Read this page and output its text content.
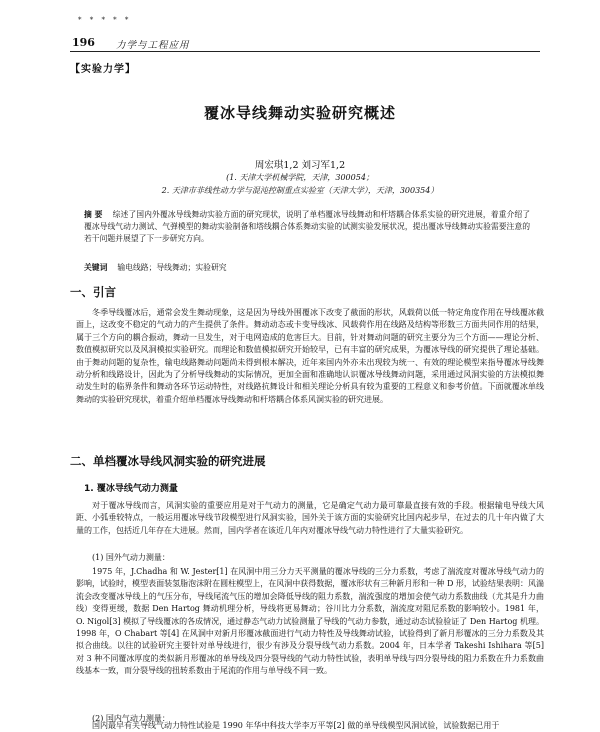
* * * * *
196 力学与工程应用
【实验力学】
覆冰导线舞动实验研究概述
周宏琪1,2 刘习军1,2
(1. 天津大学机械学院，天津，300054；
2. 天津市非线性动力学与混沌控制重点实验室（天津大学），天津，300354）
摘 要 综述了国内外覆冰导线舞动实验方面的研究现状，说明了单档覆冰导线舞动和杆塔耦合体系实验的研究进展，着重介绍了覆冰导线气动力测试、气弹模型的舞动实验制备和塔线耦合体系舞动实验的试测实验发展状况，提出覆冰导线舞动实验需要注意的若干问题并展望了下一步研究方向。
关键词 输电线路；导线舞动；实验研究
一、引言
冬季导线覆冰后，通常会发生舞动现象，这是因为导线外围覆冰下改变了截面的形状，风载荷以低一特定角度作用在导线覆冰截面上，这改变不稳定的气动力的产生提供了条件。舞动动态或卡变导线冰、风载荷作用在线路及结构等形数三方面共同作用的结果，属于三个方向的耦合振动，舞动一旦发生，对于电网造成的危害巨大。目前，针对舞动问题的研究主要分为三个方面——理论分析、数值模拟研究以及风洞模拟实验研究。而理论和数值模拟研究开始较早，已有丰富的研究成果，为覆冰导线的研究提供了理论基础。由于舞动问题的复杂性，输电线路舞动问题尚未得到根本解决，近年来国内外亦未出现较为统一、有效的理论模型来指导覆冰导线舞动分析和线路设计，因此为了分析导线舞动的实际情况，更加全面和准确地认识覆冰导线舞动问题，采用通过风洞实验的方法模拟舞动发生时的临界条件和舞动各环节运动特性，对线路抗舞设计和相关理论分析具有较为重要的工程意义和参考价值。下面就覆冰单线舞动的实验研究现状，着重介绍单档覆冰导线舞动和杆塔耦合体系风洞实验的研究进展。
二、单档覆冰导线风洞实验的研究进展
1. 覆冰导线气动力测量
对于覆冰导线而言，风洞实验的重要应用是对于气动力的测量，它是确定气动力最可靠最直接有效的手段。根据输电导线大风距、小弧垂较特点，一般运用覆冰导线节段模型进行风洞实验，国外关于该方面的实验研究比国内起步早，在过去的几十年内做了大量的工作，包括近几年存在大进展。然而，国内学者在该近几年内对覆冰导线气动力特性进行了大量实验研究。
(1) 国外气动力测量：
1975 年，J.Chadha 和 W. Jester[1] 在风洞中用三分力天平测量的覆冰导线的三分力系数，考虑了湍流度对覆冰导线气动力的影响，试验时，模型表面装氢脂泡沫附在圆柱模型上，在风洞中获得数据，覆冰形状有三种新月形和一种 D 形，试验结果表明：风湍流会改变覆冰导线上的气压分布，导线尾流气压的增加会降低导线的阻力系数，湍流强度的增加会使气动力系数曲线（尤其是升力曲线）变得更缓，数据 Den Hartog 舞动机理分析，导线将更易舞动；谷川比力分系数，湍流度对阻尼系数的影响较小。1981 年，O. Nigol[3] 模拟了导线覆冰的各成情况，通过静态气动力试验测量了导线的气动力参数，通过动态试验验证了 Den Hartog 机理。1998 年，O Chabart 等[4] 在风洞中对新月形覆冰截面进行气动力特性及导线舞动试验，试验得到了新月形覆冰的三分力系数及其拟合曲线。以往的试验研究主要针对单导线进行，很少有涉及分裂导线气动力系数。2004 年，日本学者 Takeshi Ishihara 等[5] 对 3 种不同覆冰厚度的类似新月形覆冰的单导线及四分裂导线的气动力特性试验，表明单导线与四分裂导线的阻力系数在升力系数曲线基本一致，而分裂导线的扭转系数由于尾流的作用与单导线不同一致。
(2) 国内气动力测量：
国内最早有关导线气动力特性试验是 1990 年华中科技大学李万平等[2] 做的单导线模型风洞试验，试验数据已用于
